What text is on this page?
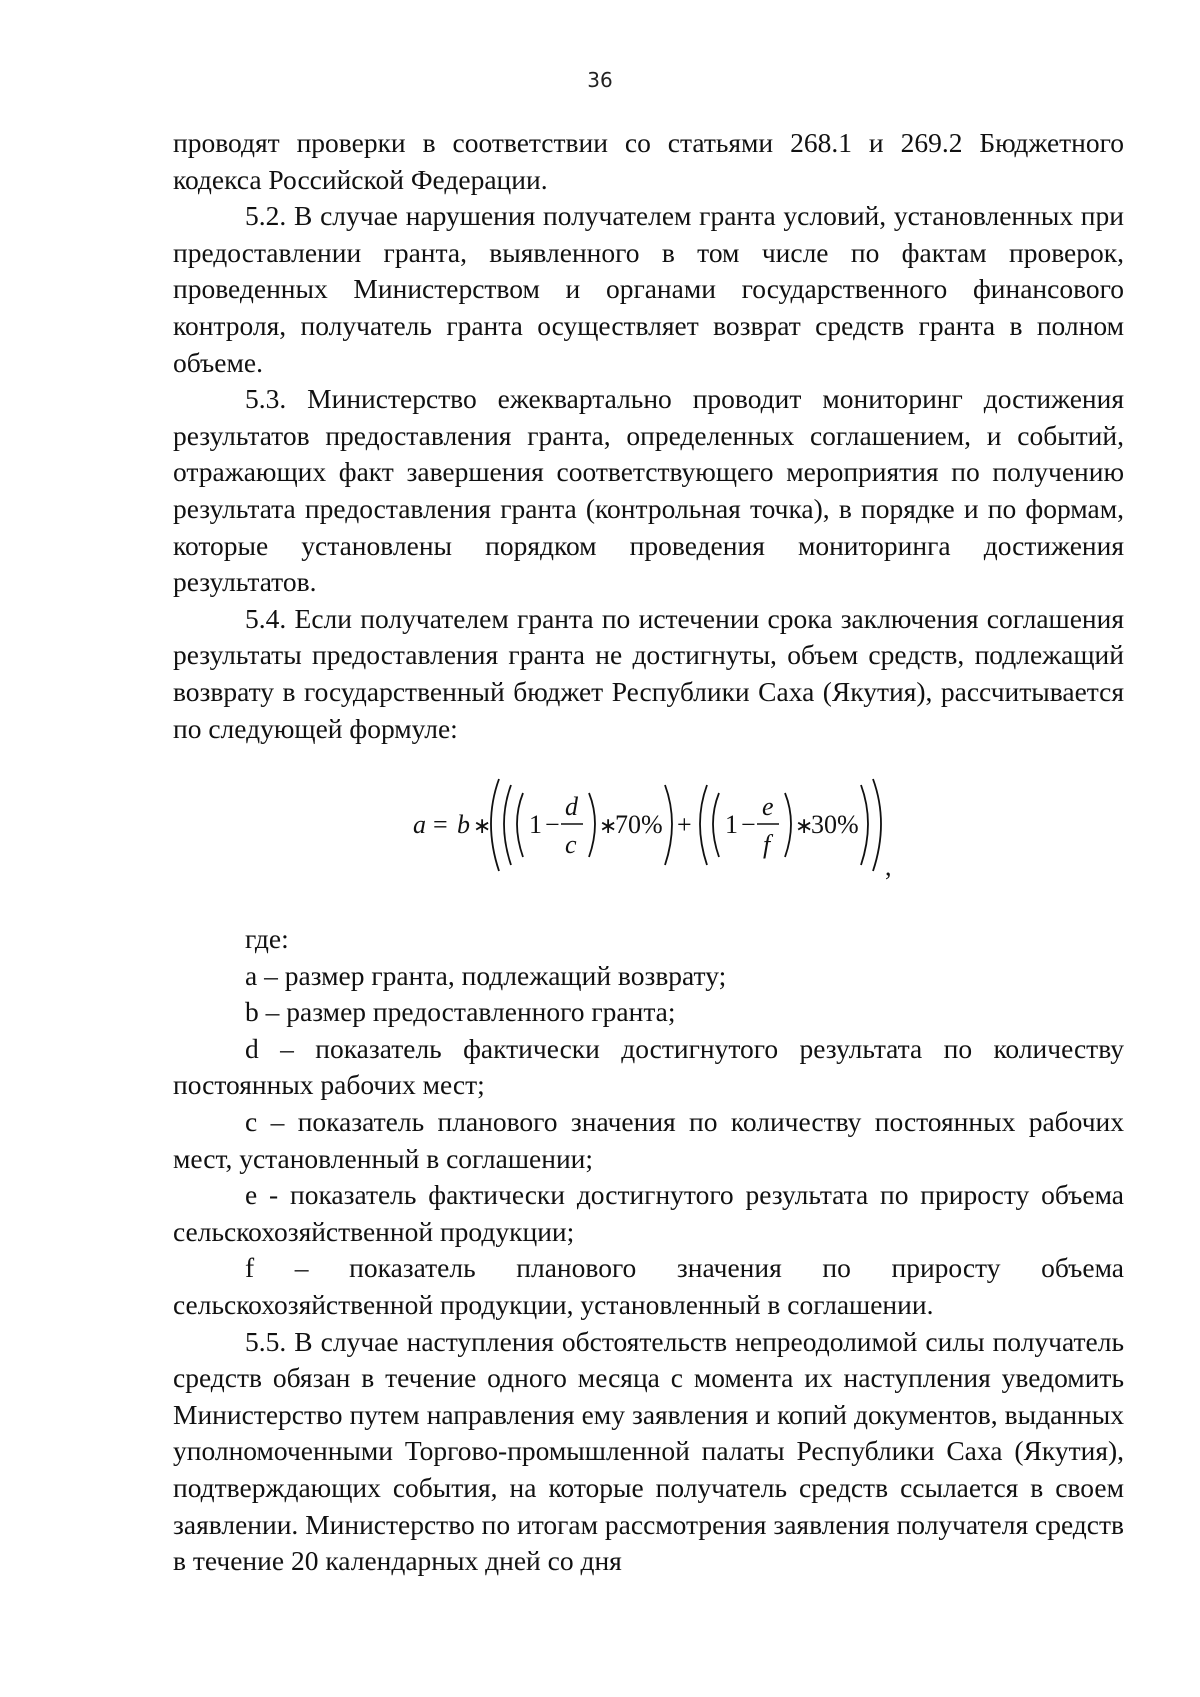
36

проводят проверки в соответствии со статьями 268.1 и 269.2 Бюджетного кодекса Российской Федерации.

5.2. В случае нарушения получателем гранта условий, установленных при предоставлении гранта, выявленного в том числе по фактам проверок, проведенных Министерством и органами государственного финансового контроля, получатель гранта осуществляет возврат средств гранта в полном объеме.

5.3. Министерство ежеквартально проводит мониторинг достижения результатов предоставления гранта, определенных соглашением, и событий, отражающих факт завершения соответствующего мероприятия по получению результата предоставления гранта (контрольная точка), в порядке и по формам, которые установлены порядком проведения мониторинга достижения результатов.

5.4. Если получателем гранта по истечении срока заключения соглашения результаты предоставления гранта не достигнуты, объем средств, подлежащий возврату в государственный бюджет Республики Саха (Якутия), рассчитывается по следующей формуле:

a = b ∗ 1 −
d
c
∗
70% + 1 −
e
f
∗
30%
,

где:

a – размер гранта, подлежащий возврату;

b – размер предоставленного гранта;

d – показатель фактически достигнутого результата по количеству постоянных рабочих мест;

c – показатель планового значения по количеству постоянных рабочих мест, установленный в соглашении;

e - показатель фактически достигнутого результата по приросту объема сельскохозяйственной продукции;

f – показатель планового значения по приросту объема сельскохозяйственной продукции, установленный в соглашении.

5.5. В случае наступления обстоятельств непреодолимой силы получатель средств обязан в течение одного месяца с момента их наступления уведомить Министерство путем направления ему заявления и копий документов, выданных уполномоченными Торгово-промышленной палаты Республики Саха (Якутия), подтверждающих события, на которые получатель средств ссылается в своем заявлении. Министерство по итогам рассмотрения заявления получателя средств в течение 20 календарных дней со дня
